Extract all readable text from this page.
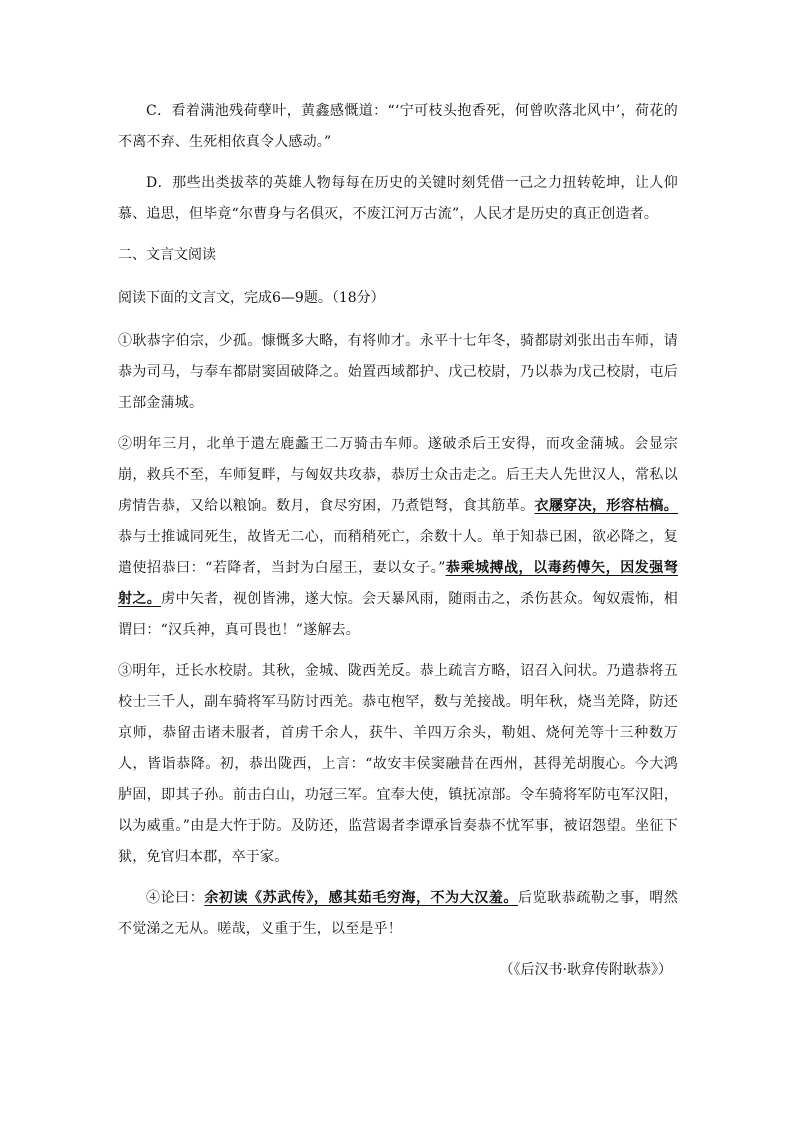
C．看着满池残荷孽叶，黄鑫感慨道：“‘宁可枝头抱香死，何曾吹落北风中’，荷花的不离不弃、生死相依真令人感动。”

D．那些出类拔萃的英雄人物每每在历史的关键时刻凭借一己之力扭转乾坤，让人仰慕、追思，但毕竟“尔曹身与名俱灭，不废江河万古流”，人民才是历史的真正创造者。

二、文言文阅读

阅读下面的文言文，完成6—9题。（18分）

①耿恭字伯宗，少孤。慷慨多大略，有将帅才。永平十七年冬，骑都尉刘张出击车师，请恭为司马，与奉车都尉窦固破降之。始置西域都护、戊己校尉，乃以恭为戊己校尉，屯后王部金蒲城。

②明年三月，北单于遣左鹿蠡王二万骑击车师。遂破杀后王安得，而攻金蒲城。会显宗崩，救兵不至，车师复畔，与匈奴共攻恭，恭厉士众击走之。后王夫人先世汉人，常私以虏情告恭，又给以粮饷。数月，食尽穷困，乃煮铠弩，食其筋革。衣屦穿决，形容枯槁。恭与士推诚同死生，故皆无二心，而稍稍死亡，余数十人。单于知恭已困，欲必降之，复遣使招恭曰：“若降者，当封为白屋王，妻以女子。”恭乘城搏战，以毒药傅矢，因发强弩射之。虏中矢者，视创皆沸，遂大惊。会天暴风雨，随雨击之，杀伤甚众。匈奴震怖，相谓曰：“汉兵神，真可畏也！”遂解去。

③明年，迁长水校尉。其秋，金城、陇西羌反。恭上疏言方略，诏召入问状。乃遣恭将五校士三千人，副车骑将军马防讨西羌。恭屯枹罕，数与羌接战。明年秋，烧当羌降，防还京师，恭留击诸未服者，首虏千余人，获牛、羊四万余头，勒姐、烧何羌等十三种数万人，皆诣恭降。初，恭出陇西，上言：“故安丰侯窦融昔在西州，甚得羌胡腹心。今大鸿胪固，即其子孙。前击白山，功冠三军。宜奉大使，镇抚凉部。令车骑将军防屯军汉阳，以为威重。”由是大忤于防。及防还，监营谒者李谭承旨奏恭不忧军事，被诏怨望。坐征下狱，免官归本郡，卒于家。

④论曰：余初读《苏武传》，感其茹毛穷海，不为大汉羞。后览耿恭疏勒之事，喟然不觉涕之无从。嗟哉，义重于生，以至是乎！

（《后汉书·耿弇传附耿恭》）
